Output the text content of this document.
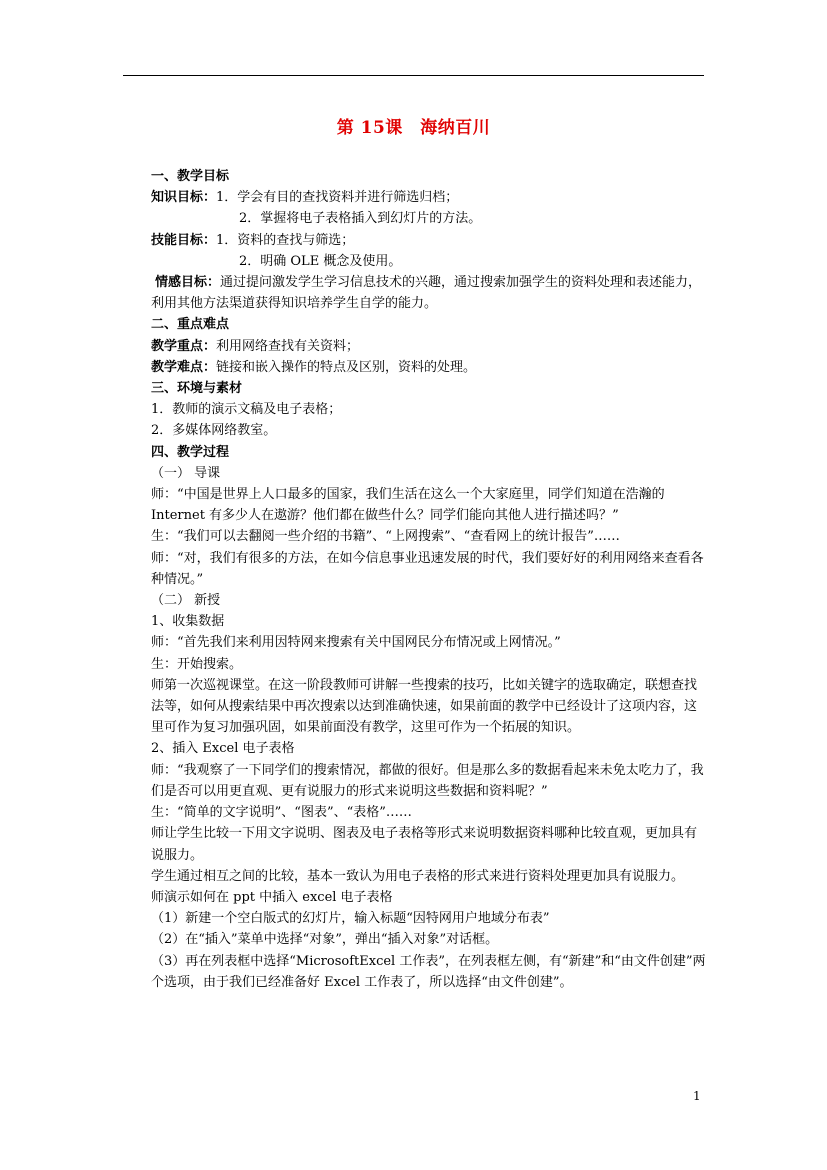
第 15课　海纳百川

一、教学目标

知识目标：1．学会有目的查找资料并进行筛选归档；

2．掌握将电子表格插入到幻灯片的方法。

技能目标：1．资料的查找与筛选；

2．明确 OLE 概念及使用。

情感目标：通过提问激发学生学习信息技术的兴趣，通过搜索加强学生的资料处理和表述能力，利用其他方法渠道获得知识培养学生自学的能力。

二、重点难点

教学重点：利用网络查找有关资料；

教学难点：链接和嵌入操作的特点及区别，资料的处理。

三、环境与素材

1．教师的演示文稿及电子表格；

2．多媒体网络教室。

四、教学过程

（一） 导课

师：“中国是世界上人口最多的国家，我们生活在这么一个大家庭里，同学们知道在浩瀚的 Internet 有多少人在遨游？他们都在做些什么？同学们能向其他人进行描述吗？”

生：“我们可以去翻阅一些介绍的书籍”、“上网搜索”、“查看网上的统计报告”……

师：“对，我们有很多的方法，在如今信息事业迅速发展的时代，我们要好好的利用网络来查看各种情况。”

（二） 新授

1、收集数据

师：“首先我们来利用因特网来搜索有关中国网民分布情况或上网情况。”

生：开始搜索。

师第一次巡视课堂。在这一阶段教师可讲解一些搜索的技巧，比如关键字的选取确定，联想查找法等，如何从搜索结果中再次搜索以达到准确快速，如果前面的教学中已经设计了这项内容，这里可作为复习加强巩固，如果前面没有教学，这里可作为一个拓展的知识。

2、插入 Excel 电子表格

师：“我观察了一下同学们的搜索情况，都做的很好。但是那么多的数据看起来未免太吃力了，我们是否可以用更直观、更有说服力的形式来说明这些数据和资料呢？”

生：“简单的文字说明”、“图表”、“表格”……

师让学生比较一下用文字说明、图表及电子表格等形式来说明数据资料哪种比较直观，更加具有说服力。

学生通过相互之间的比较，基本一致认为用电子表格的形式来进行资料处理更加具有说服力。

师演示如何在 ppt 中插入 excel 电子表格

（1）新建一个空白版式的幻灯片，输入标题“因特网用户地域分布表”

（2）在“插入”菜单中选择“对象”，弹出“插入对象”对话框。

（3）再在列表框中选择“MicrosoftExcel 工作表”，在列表框左侧，有“新建”和“由文件创建”两个选项，由于我们已经准备好 Excel 工作表了，所以选择“由文件创建”。

1
